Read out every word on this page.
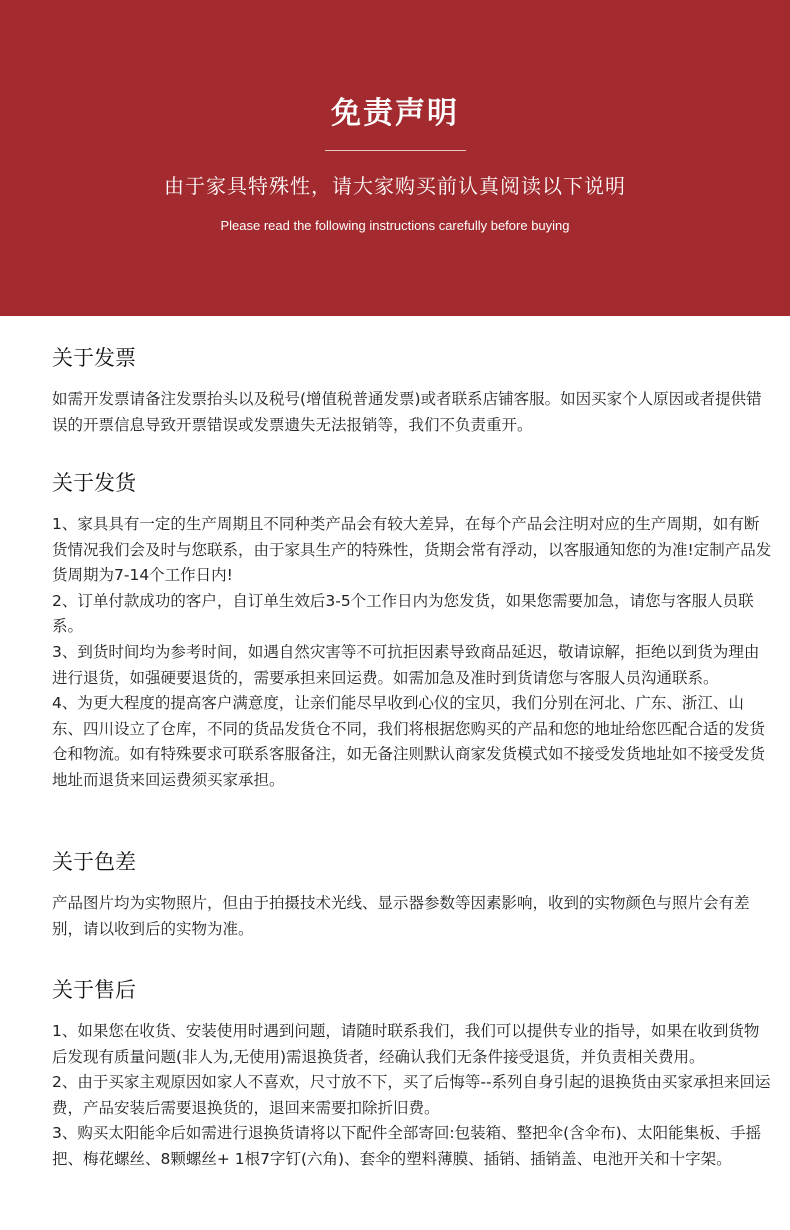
免责声明
由于家具特殊性，请大家购买前认真阅读以下说明
Please read the following instructions carefully before buying
关于发票

如需开发票请备注发票抬头以及税号(增值税普通发票)或者联系店铺客服。如因买家个人原因或者提供错误的开票信息导致开票错误或发票遗失无法报销等，我们不负责重开。

关于发货

1、家具具有一定的生产周期且不同种类产品会有较大差异，在每个产品会注明对应的生产周期，如有断货情况我们会及时与您联系，由于家具生产的特殊性，货期会常有浮动，以客服通知您的为准!定制产品发货周期为7-14个工作日内!

2、订单付款成功的客户，自订单生效后3-5个工作日内为您发货，如果您需要加急，请您与客服人员联系。

3、到货时间均为参考时间，如遇自然灾害等不可抗拒因素导致商品延迟，敬请谅解，拒绝以到货为理由进行退货，如强硬要退货的，需要承担来回运费。如需加急及准时到货请您与客服人员沟通联系。

4、为更大程度的提高客户满意度，让亲们能尽早收到心仪的宝贝，我们分别在河北、广东、浙江、山东、四川设立了仓库，不同的货品发货仓不同，我们将根据您购买的产品和您的地址给您匹配合适的发货仓和物流。如有特殊要求可联系客服备注，如无备注则默认商家发货模式如不接受发货地址如不接受发货地址而退货来回运费须买家承担。

关于色差

产品图片均为实物照片，但由于拍摄技术光线、显示器参数等因素影响，收到的实物颜色与照片会有差别，请以收到后的实物为准。

关于售后

1、如果您在收货、安装使用时遇到问题，请随时联系我们，我们可以提供专业的指导，如果在收到货物后发现有质量问题(非人为,无使用)需退换货者，经确认我们无条件接受退货，并负责相关费用。

2、由于买家主观原因如家人不喜欢，尺寸放不下，买了后悔等--系列自身引起的退换货由买家承担来回运费，产品安装后需要退换货的，退回来需要扣除折旧费。

3、购买太阳能伞后如需进行退换货请将以下配件全部寄回:包装箱、整把伞(含伞布)、太阳能集板、手摇把、梅花螺丝、8颗螺丝+ 1根7字钉(六角)、套伞的塑料薄膜、插销、插销盖、电池开关和十字架。
